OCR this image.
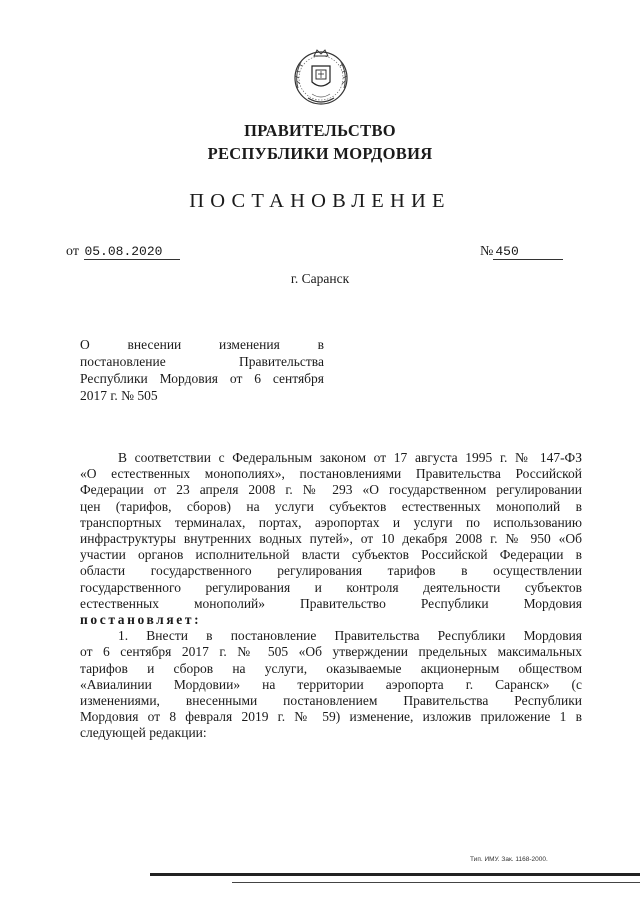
ПРАВИТЕЛЬСТВО
РЕСПУБЛИКИ МОРДОВИЯ
ПОСТАНОВЛЕНИЕ
от 05.08.2020	№ 450
г. Саранск
О внесении изменения в
постановление Правительства
Республики Мордовия от 6 сентября
2017 г. № 505
В соответствии с Федеральным законом от 17 августа 1995 г. № 147-ФЗ
«О естественных монополиях», постановлениями Правительства Российской
Федерации от 23 апреля 2008 г. № 293 «О государственном регулировании
цен (тарифов, сборов) на услуги субъектов естественных монополий в
транспортных терминалах, портах, аэропортах и услуги по использованию
инфраструктуры внутренних водных путей», от 10 декабря 2008 г. № 950 «Об
участии органов исполнительной власти субъектов Российской Федерации в
области государственного регулирования тарифов в осуществлении
государственного регулирования и контроля деятельности субъектов
естественных монополий» Правительство Республики Мордовия
постановляет:
1. Внести в постановление Правительства Республики Мордовия
от 6 сентября 2017 г. № 505 «Об утверждении предельных максимальных
тарифов и сборов на услуги, оказываемые акционерным обществом
«Авиалинии Мордовии» на территории аэропорта г. Саранск» (с
изменениями, внесенными постановлением Правительства Республики
Мордовия от 8 февраля 2019 г. № 59) изменение, изложив приложение 1 в
следующей редакции:
Тип. ИМУ. Зак. 1168-2000.
